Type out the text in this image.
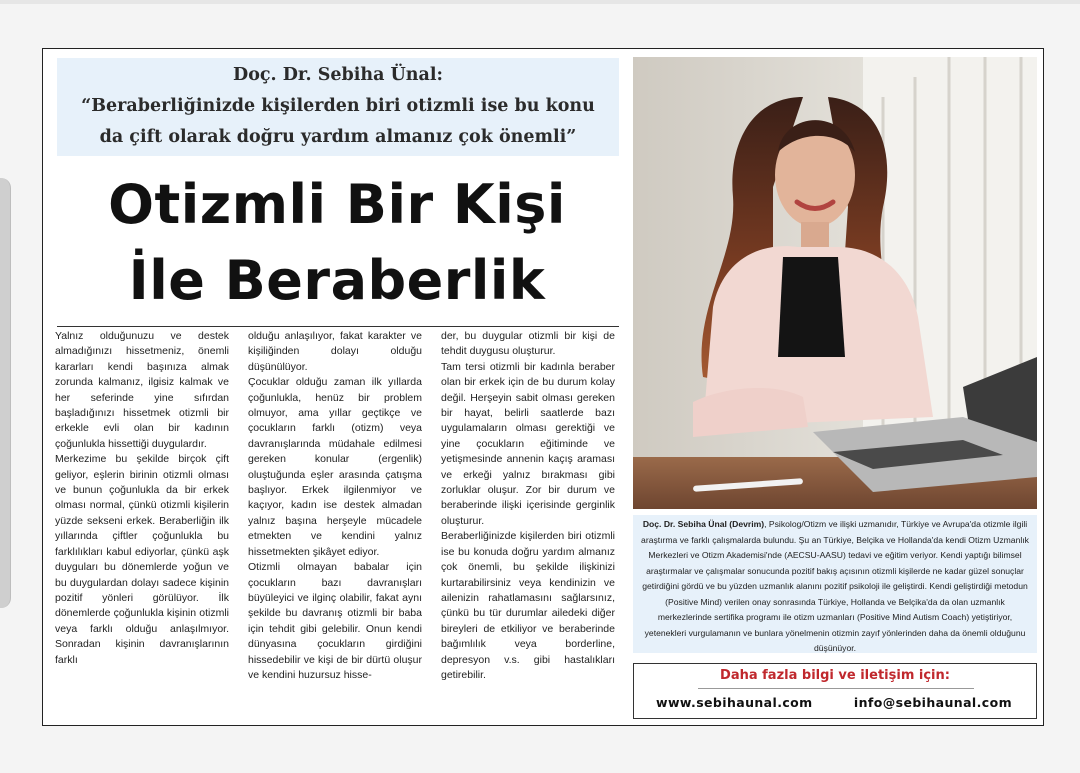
Doç. Dr. Sebiha Ünal:
“Beraberliğinizde kişilerden biri otizmli ise bu konu
da çift olarak doğru yardım almanız çok önemli”
Otizmli Bir Kişi
İle Beraberlik

Yalnız olduğunuzu ve destek almadığınızı hissetmeniz, önemli kararları kendi başınıza almak zorunda kalmanız, ilgisiz kalmak ve her seferinde yine sıfırdan başladığınızı hissetmek otizmli bir erkekle evli olan bir kadının çoğunlukla hissettiği duygulardır.

Merkezime bu şekilde birçok çift geliyor, eşlerin birinin otizmli olması ve bunun çoğunlukla da bir erkek olması normal, çünkü otizmli kişilerin yüzde sekseni erkek. Beraberliğin ilk yıllarında çiftler çoğunlukla bu farklılıkları kabul ediyorlar, çünkü aşk duyguları bu dönemlerde yoğun ve bu duygulardan dolayı sadece kişinin pozitif yönleri görülüyor. İlk dönemlerde çoğunlukla kişinin otizmli veya farklı olduğu anlaşılmıyor. Sonradan kişinin davranışlarının farklı

olduğu anlaşılıyor, fakat karakter ve kişiliğinden dolayı olduğu düşünülüyor.

Çocuklar olduğu zaman ilk yıllarda çoğunlukla, henüz bir problem olmuyor, ama yıllar geçtikçe ve çocukların farklı (otizm) veya davranışlarında müdahale edilmesi gereken konular (ergenlik) oluştuğunda eşler arasında çatışma başlıyor. Erkek ilgilenmiyor ve kaçıyor, kadın ise destek almadan yalnız başına herşeyle mücadele etmekten ve kendini yalnız hissetmekten şikâyet ediyor.

Otizmli olmayan babalar için çocukların bazı davranışları büyüleyici ve ilginç olabilir, fakat aynı şekilde bu davranış otizmli bir baba için tehdit gibi gelebilir. Onun kendi dünyasına çocukların girdiğini hissedebilir ve kişi de bir dürtü oluşur ve kendini huzursuz hisse-

der, bu duygular otizmli bir kişi de tehdit duygusu oluşturur.

Tam tersi otizmli bir kadınla beraber olan bir erkek için de bu durum kolay değil. Herşeyin sabit olması gereken bir hayat, belirli saatlerde bazı uygulamaların olması gerektiği ve yine çocukların eğitiminde ve yetişmesinde annenin kaçış araması ve erkeği yalnız bırakması gibi zorluklar oluşur. Zor bir durum ve beraberinde ilişki içerisinde gerginlik oluşturur.

Beraberliğinizde kişilerden biri otizmli ise bu konuda doğru yardım almanız çok önemli, bu şekilde ilişkinizi kurtarabilirsiniz veya kendinizin ve ailenizin rahatlamasını sağlarsınız, çünkü bu tür durumlar ailedeki diğer bireyleri de etkiliyor ve beraberinde bağımlılık veya borderline, depresyon v.s. gibi hastalıkları getirebilir.

Doç. Dr. Sebiha Ünal (Devrim), Psikolog/Otizm ve ilişki uzmanıdır, Türkiye ve Avrupa'da otizmle ilgili araştırma ve farklı çalışmalarda bulundu. Şu an Türkiye, Belçika ve Hollanda'da kendi Otizm Uzmanlık Merkezleri ve Otizm Akademisi'nde (AECSU-AASU) tedavi ve eğitim veriyor. Kendi yaptığı bilimsel araştırmalar ve çalışmalar sonucunda pozitif bakış açısının otizmli kişilerde ne kadar güzel sonuçlar getirdiğini gördü ve bu yüzden uzmanlık alanını pozitif psikoloji ile geliştirdi. Kendi geliştirdiği metodun (Positive Mind) verilen onay sonrasında Türkiye, Hollanda ve Belçika'da da olan uzmanlık merkezlerinde sertifika programı ile otizm uzmanları (Positive Mind Autism Coach) yetiştiriyor, yetenekleri vurgulamanın ve bunlara yönelmenin otizmin zayıf yönlerinden daha da önemli olduğunu düşünüyor.
Daha fazla bilgi ve iletişim için:
www.sebihaunal.com	info@sebihaunal.com
